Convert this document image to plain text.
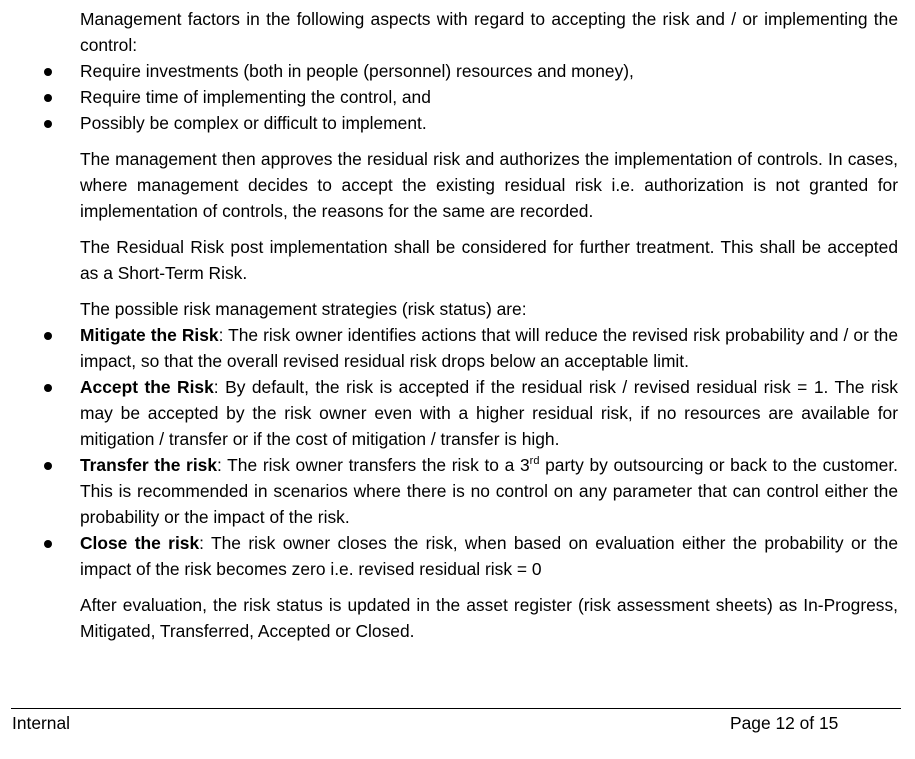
Management factors in the following aspects with regard to accepting the risk and / or implementing the control:

Require investments (both in people (personnel) resources and money),
Require time of implementing the control, and
Possibly be complex or difficult to implement.

The management then approves the residual risk and authorizes the implementation of controls. In cases, where management decides to accept the existing residual risk i.e. authorization is not granted for implementation of controls, the reasons for the same are recorded.

The Residual Risk post implementation shall be considered for further treatment. This shall be accepted as a Short-Term Risk.

The possible risk management strategies (risk status) are:

Mitigate the Risk: The risk owner identifies actions that will reduce the revised risk probability and / or the impact, so that the overall revised residual risk drops below an acceptable limit.
Accept the Risk: By default, the risk is accepted if the residual risk / revised residual risk = 1. The risk may be accepted by the risk owner even with a higher residual risk, if no resources are available for mitigation / transfer or if the cost of mitigation / transfer is high.
Transfer the risk: The risk owner transfers the risk to a 3rd party by outsourcing or back to the customer. This is recommended in scenarios where there is no control on any parameter that can control either the probability or the impact of the risk.
Close the risk: The risk owner closes the risk, when based on evaluation either the probability or the impact of the risk becomes zero i.e. revised residual risk = 0

After evaluation, the risk status is updated in the asset register (risk assessment sheets) as In-Progress, Mitigated, Transferred, Accepted or Closed.

Internal	Page 12 of 15
